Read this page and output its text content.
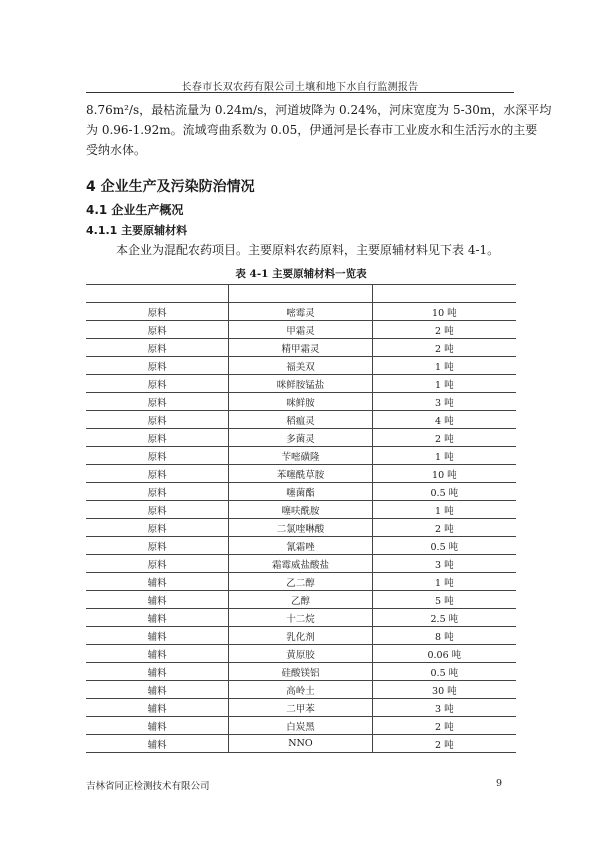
长春市长双农药有限公司土壤和地下水自行监测报告
8.76m²/s，最枯流量为 0.24m/s，河道坡降为 0.24%，河床宽度为 5-30m，水深平均
为 0.96-1.92m。流域弯曲系数为 0.05，伊通河是长春市工业废水和生活污水的主要
受纳水体。
4 企业生产及污染防治情况
4.1 企业生产概况
4.1.1 主要原辅材料
本企业为混配农药项目。主要原料农药原料，主要原辅材料见下表 4-1。
表 4-1 主要原辅材料一览表

原料	嘧霉灵	10 吨
原料	甲霜灵	2 吨
原料	精甲霜灵	2 吨
原料	福美双	1 吨
原料	咪鲜胺锰盐	1 吨
原料	咪鲜胺	3 吨
原料	稻瘟灵	4 吨
原料	多菌灵	2 吨
原料	苄嘧磺隆	1 吨
原料	苯噻酰草胺	10 吨
原料	噻菌酯	0.5 吨
原料	噻呋酰胺	1 吨
原料	二氯喹啉酸	2 吨
原料	氰霜唑	0.5 吨
原料	霜霉威盐酸盐	3 吨
辅料	乙二醇	1 吨
辅料	乙醇	5 吨
辅料	十二烷	2.5 吨
辅料	乳化剂	8 吨
辅料	黄原胶	0.06 吨
辅料	硅酸镁铝	0.5 吨
辅料	高岭土	30 吨
辅料	二甲苯	3 吨
辅料	白炭黑	2 吨
辅料	NNO	2 吨
吉林省同正检测技术有限公司	9
